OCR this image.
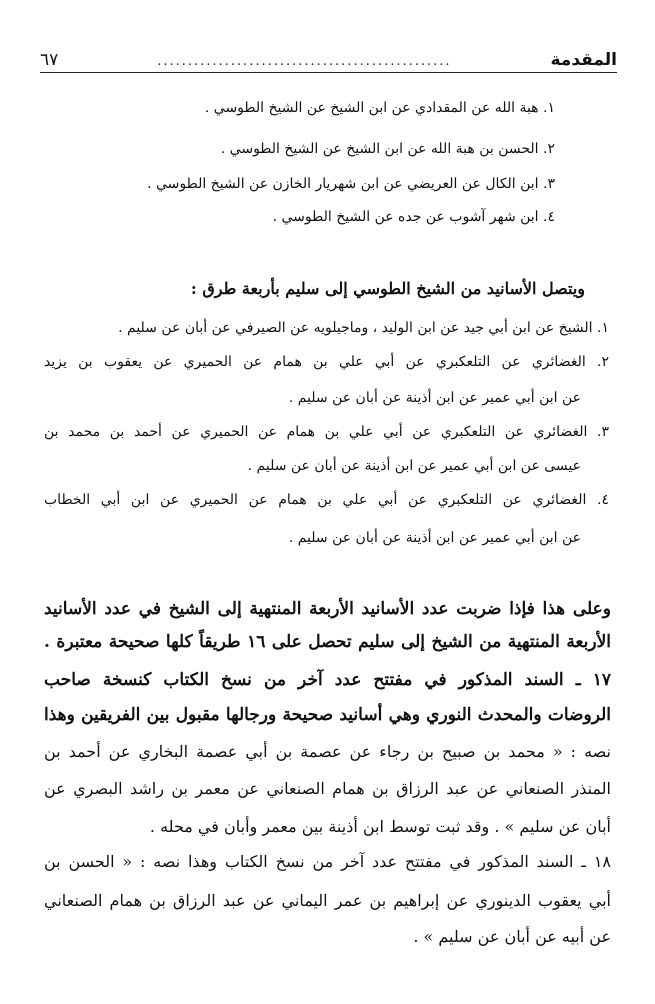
المقدمة
................................................
٦٧
١. هبة الله عن المقدادي عن ابن الشيخ عن الشيخ الطوسي .
٢. الحسن بن هبة الله عن ابن الشيخ عن الشيخ الطوسي .
٣. ابن الكال عن العريضي عن ابن شهريار الخازن عن الشيخ الطوسي .
٤. ابن شهر آشوب عن جده عن الشيخ الطوسي .
ويتصل الأسانيد من الشيخ الطوسي إلى سليم بأربعة طرق :
١. الشيخ عن ابن أبي جيد عن ابن الوليد ، وماجيلويه عن الصيرفي عن أبان عن سليم .
٢. الغضائري عن التلعكبري عن أبي علي بن همام عن الحميري عن يعقوب بن يزيد
عن ابن أبي عمير عن ابن أذينة عن أبان عن سليم .
٣. الغضائري عن التلعكبري عن أبي علي بن همام عن الحميري عن أحمد بن محمد بن
عيسى عن ابن أبي عمير عن ابن أذينة عن أبان عن سليم .
٤. الغضائري عن التلعكبري عن أبي علي بن همام عن الحميري عن ابن أبي الخطاب
عن ابن أبي عمير عن ابن أذينة عن أبان عن سليم .
وعلى هذا فإذا ضربت عدد الأسانيد الأربعة المنتهية إلى الشيخ في عدد الأسانيد
الأربعة المنتهية من الشيخ إلى سليم تحصل على ١٦ طريقاً كلها صحيحة معتبرة .
١٧ ـ السند المذكور في مفتتح عدد آخر من نسخ الكتاب كنسخة صاحب
الروضات والمحدث النوري وهي أسانيد صحيحة ورجالها مقبول بين الفريقين وهذا
نصه : « محمد بن صبيح بن رجاء عن عصمة بن أبي عصمة البخاري عن أحمد بن
المنذر الصنعاني عن عبد الرزاق بن همام الصنعاني عن معمر بن راشد البصري عن
أبان عن سليم » . وقد ثبت توسط ابن أذينة بين معمر وأبان في محله .
١٨ ـ السند المذكور في مفتتح عدد آخر من نسخ الكتاب وهذا نصه : « الحسن بن
أبي يعقوب الدينوري عن إبراهيم بن عمر اليماني عن عبد الرزاق بن همام الصنعاني
عن أبيه عن أبان عن سليم » .
